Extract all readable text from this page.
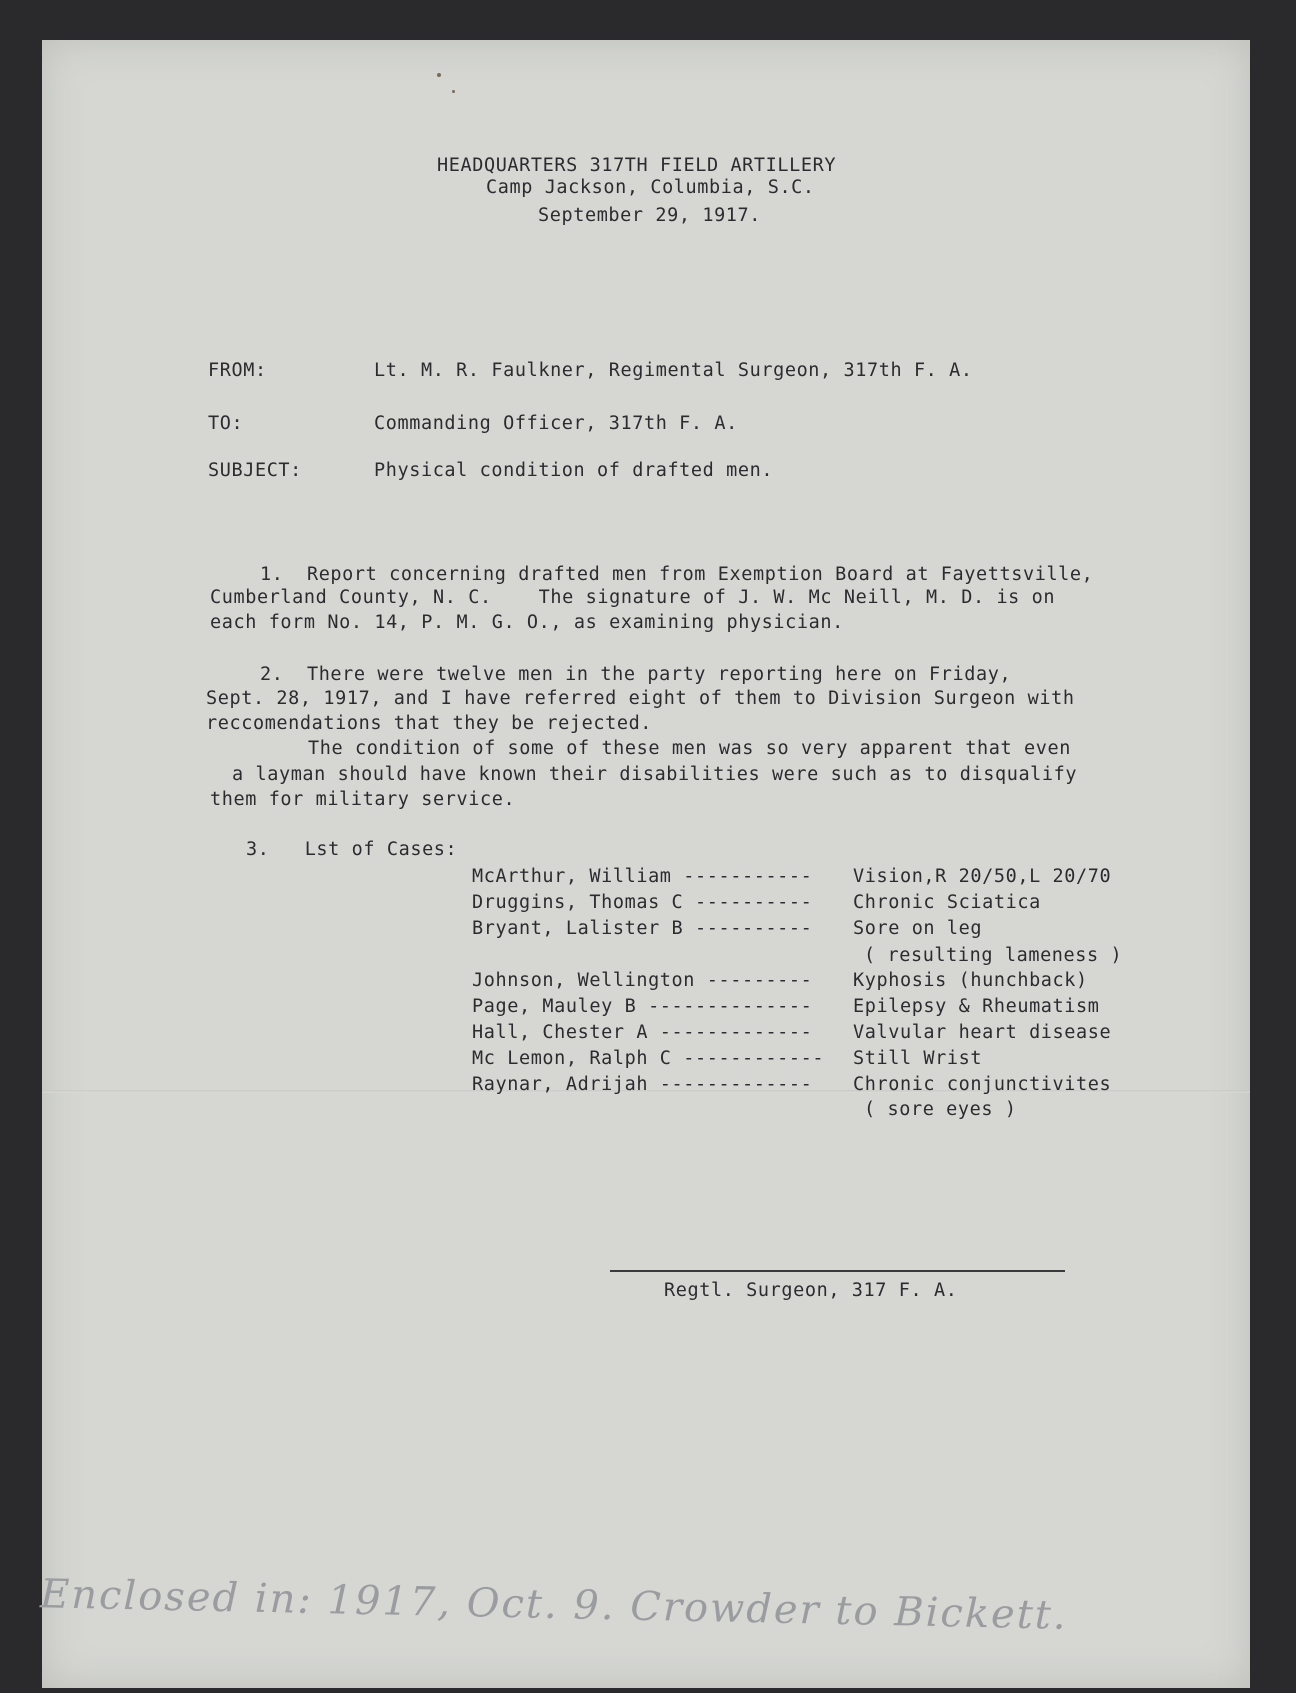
HEADQUARTERS 317TH FIELD ARTILLERY
Camp Jackson, Columbia, S.C.
September 29, 1917.
FROM:	Lt. M. R. Faulkner, Regimental Surgeon, 317th F. A.
TO:	Commanding Officer, 317th F. A.
SUBJECT:	Physical condition of drafted men.
1.  Report concerning drafted men from Exemption Board at Fayettsville,
Cumberland County, N. C.    The signature of J. W. Mc Neill, M. D. is on
each form No. 14, P. M. G. O., as examining physician.
2.  There were twelve men in the party reporting here on Friday,
Sept. 28, 1917, and I have referred eight of them to Division Surgeon with
reccomendations that they be rejected.
The condition of some of these men was so very apparent that even
a layman should have known their disabilities were such as to disqualify
them for military service.
3.   Lst of Cases:
McArthur, William ----------- Vision,R 20/50,L 20/70
Druggins, Thomas C ---------- Chronic Sciatica
Bryant, Lalister B ---------- Sore on leg
( resulting lameness )
Johnson, Wellington --------- Kyphosis (hunchback)
Page, Mauley B -------------- Epilepsy & Rheumatism
Hall, Chester A ------------- Valvular heart disease
Mc Lemon, Ralph C ------------ Still Wrist
Raynar, Adrijah ------------- Chronic conjunctivites
( sore eyes )
Regtl. Surgeon, 317 F. A.
Enclosed in: 1917, Oct. 9. Crowder to Bickett.
